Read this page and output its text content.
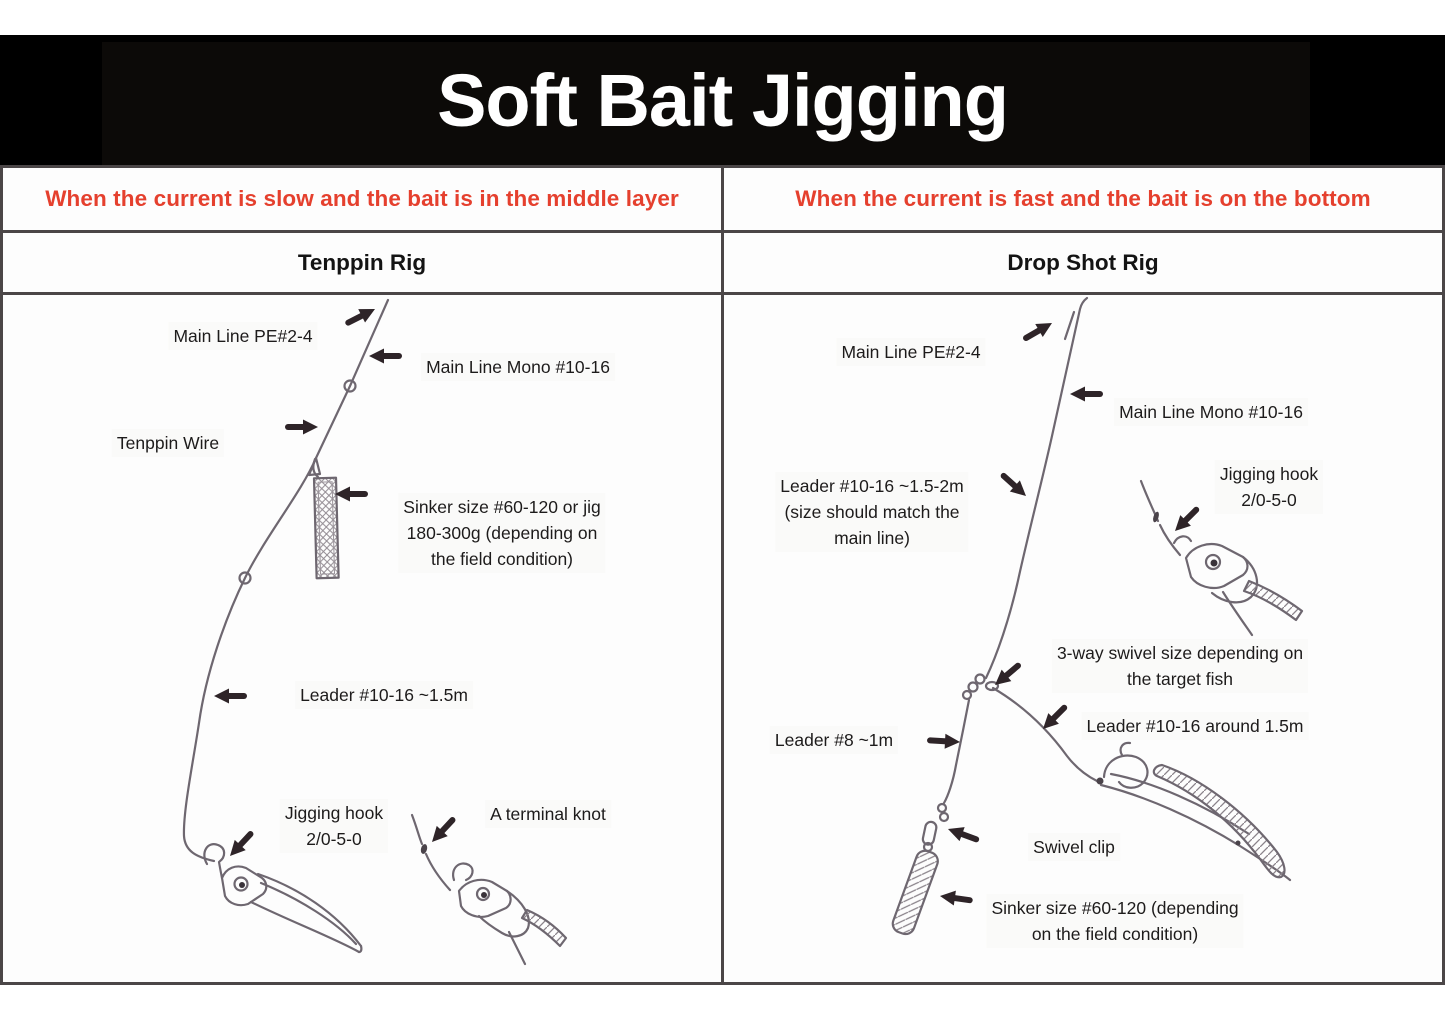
Soft Bait Jigging
When the current is slow and the bait is in the middle layer	When the current is fast and the bait is on the bottom
Tenppin Rig	Drop Shot Rig
Main Line PE#2-4
Main Line Mono #10-16
Tenppin Wire
Sinker size #60-120 or jig
180-300g (depending on
the field condition)
Leader #10-16 ~1.5m
Jigging hook
2/0-5-0
A terminal knot
Main Line PE#2-4
Main Line Mono #10-16
Jigging hook
2/0-5-0
Leader #10-16 ~1.5-2m
(size should match the
main line)
3-way swivel size depending on
the target fish
Leader #10-16 around 1.5m
Leader #8 ~1m
Swivel clip
Sinker size #60-120 (depending
on the field condition)
